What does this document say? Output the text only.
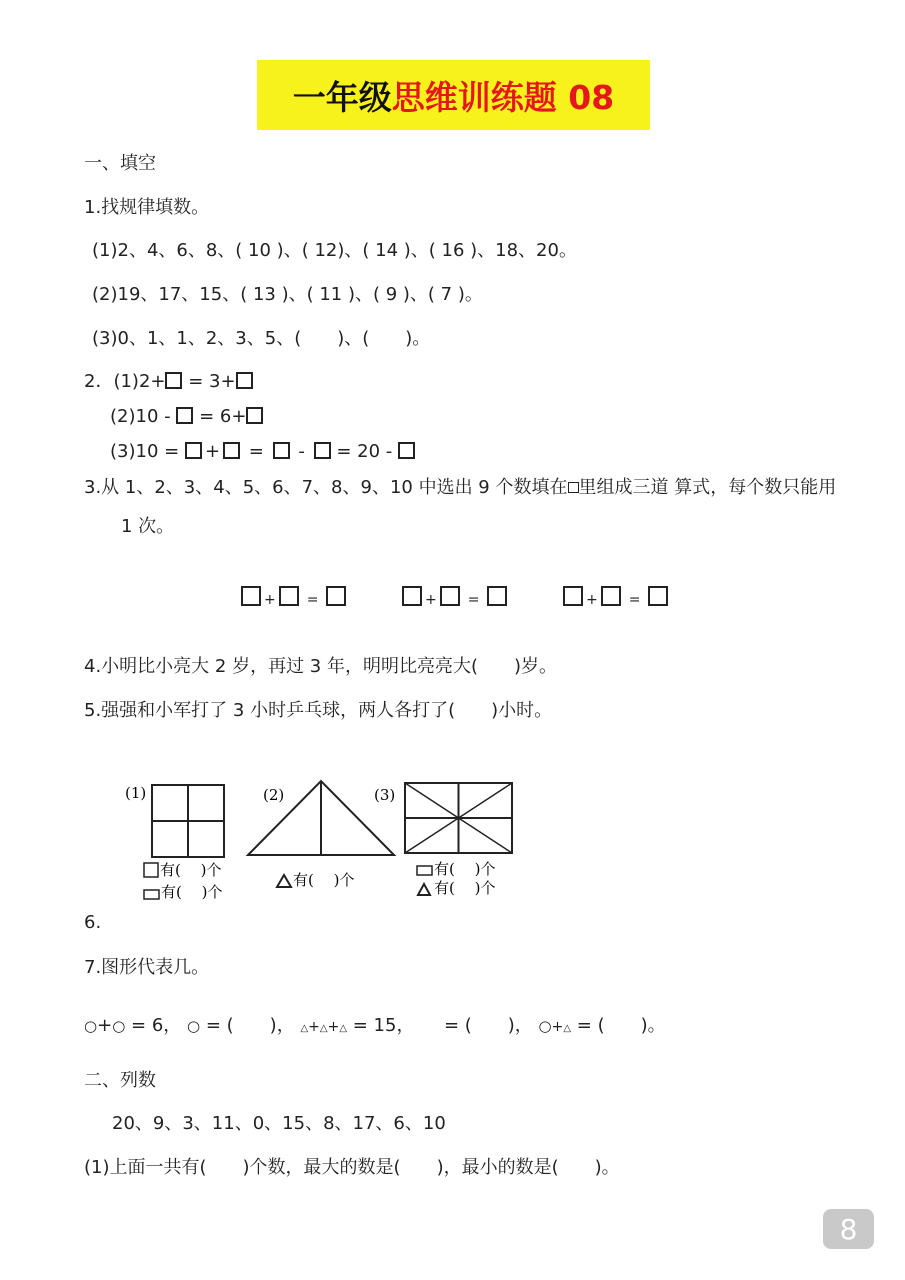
一年级 思维训练题 08
一、填空
1.找规律填数。
(1)2、4、6、8、( 10 )、( 12)、( 14 )、( 16 )、18、20。
(2)19、17、15、( 13 )、( 11 )、( 9 )、( 7 )。
(3)0、1、1、2、3、5、(　　)、(　　)。
2．(1)2+ = 3+
(2)10 - = 6+
(3)10 = + = - = 20 -
3.从 1、2、3、4、5、6、7、8、9、10 中选出 9 个数填在 里组成三道 算式，每个数只能用
1 次。
+ =	+ =	+ =
4.小明比小亮大 2 岁，再过 3 年，明明比亮亮大(　　)岁。
5.强强和小军打了 3 小时乒乓球，两人各打了(　　)小时。
(1)	(2)	(3)
有(　 )个
有(　 )个
有(　 )个
有(　 )个
有(　 )个
6.
7.图形代表几。
○+○ = 6， ○ = (　　)， △+△+△ = 15， = (　　)， ○+△ = (　　)。
二、列数
20、9、3、11、0、15、8、17、6、10
(1)上面一共有(　　)个数，最大的数是(　　)，最小的数是(　　)。
8
